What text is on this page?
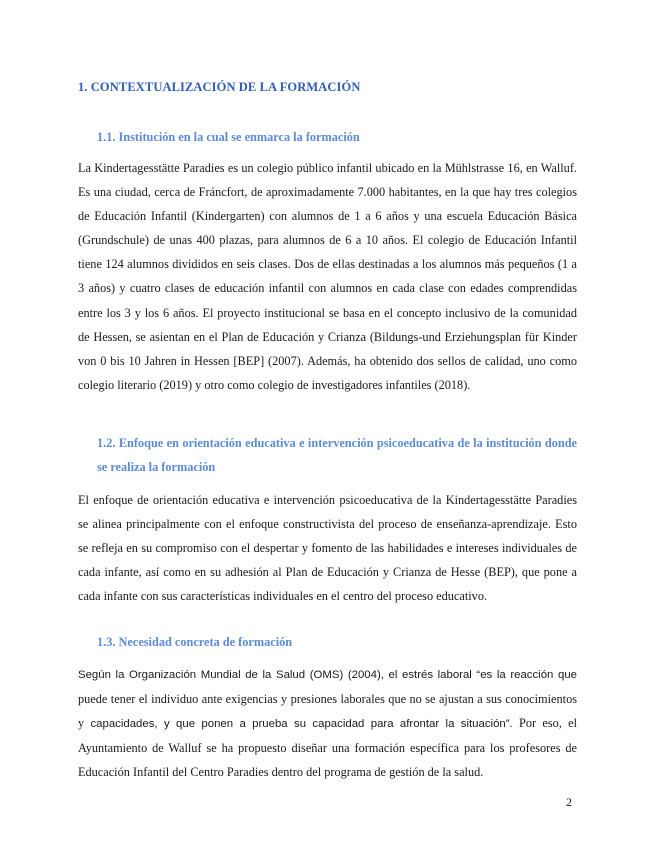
1. CONTEXTUALIZACIÓN DE LA FORMACIÓN
1.1. Institución en la cual se enmarca la formación

La Kindertagesstätte Paradies es un colegio público infantil ubicado en la Mühlstrasse 16, en Walluf. Es una ciudad, cerca de Fráncfort, de aproximadamente 7.000 habitantes, en la que hay tres colegios de Educación Infantil (Kindergarten) con alumnos de 1 a 6 años y una escuela Educación Básica (Grundschule) de unas 400 plazas, para alumnos de 6 a 10 años. El colegio de Educación Infantil tiene 124 alumnos divididos en seis clases. Dos de ellas destinadas a los alumnos más pequeños (1 a 3 años) y cuatro clases de educación infantil con alumnos en cada clase con edades comprendidas entre los 3 y los 6 años. El proyecto institucional se basa en el concepto inclusivo de la comunidad de Hessen, se asientan en el Plan de Educación y Crianza (Bildungs-und Erziehungsplan für Kinder von 0 bis 10 Jahren in Hessen [BEP] (2007). Además, ha obtenido dos sellos de calidad, uno como colegio literario (2019) y otro como colegio de investigadores infantiles (2018).

1.2. Enfoque en orientación educativa e intervención psicoeducativa de la institución donde se realiza la formación

El enfoque de orientación educativa e intervención psicoeducativa de la Kindertagesstätte Paradies se alinea principalmente con el enfoque constructivista del proceso de enseñanza-aprendizaje. Esto se refleja en su compromiso con el despertar y fomento de las habilidades e intereses individuales de cada infante, así como en su adhesión al Plan de Educación y Crianza de Hesse (BEP), que pone a cada infante con sus características individuales en el centro del proceso educativo.

1.3. Necesidad concreta de formación

Según la Organización Mundial de la Salud (OMS) (2004), el estrés laboral “es la reacción que puede tener el individuo ante exigencias y presiones laborales que no se ajustan a sus conocimientos y capacidades, y que ponen a prueba su capacidad para afrontar la situación”. Por eso, el Ayuntamiento de Walluf se ha propuesto diseñar una formación específica para los profesores de Educación Infantil del Centro Paradies dentro del programa de gestión de la salud.

2
